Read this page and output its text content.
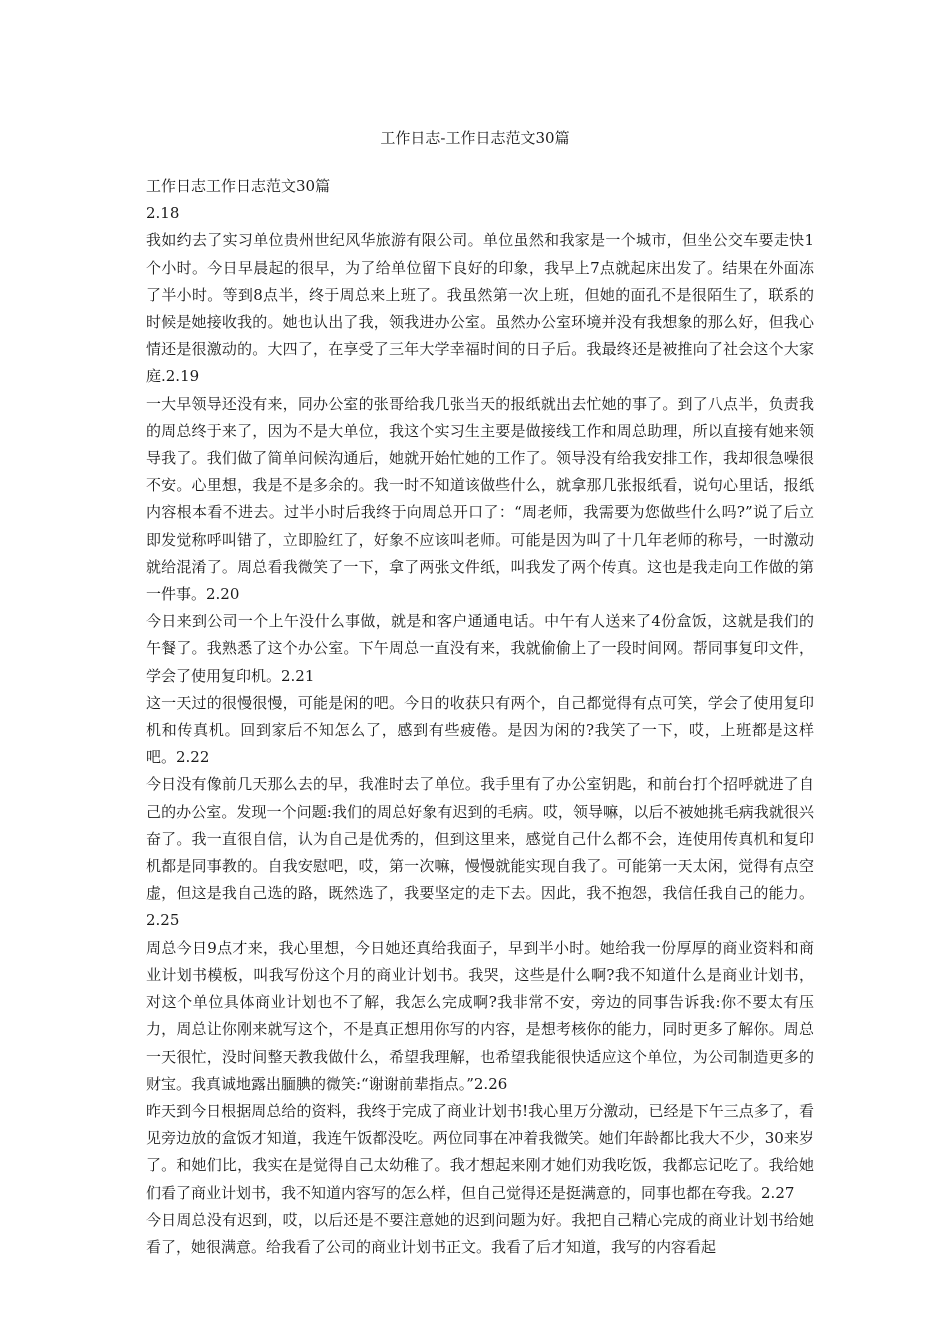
工作日志-工作日志范文30篇

工作日志工作日志范文30篇

2.18

我如约去了实习单位贵州世纪风华旅游有限公司。单位虽然和我家是一个城市，但坐公交车要走快1个小时。今日早晨起的很早，为了给单位留下良好的印象，我早上7点就起床出发了。结果在外面冻了半小时。等到8点半，终于周总来上班了。我虽然第一次上班，但她的面孔不是很陌生了，联系的时候是她接收我的。她也认出了我，领我进办公室。虽然办公室环境并没有我想象的那么好，但我心情还是很激动的。大四了，在享受了三年大学幸福时间的日子后。我最终还是被推向了社会这个大家庭.2.19

一大早领导还没有来，同办公室的张哥给我几张当天的报纸就出去忙她的事了。到了八点半，负责我的周总终于来了，因为不是大单位，我这个实习生主要是做接线工作和周总助理，所以直接有她来领导我了。我们做了简单问候沟通后，她就开始忙她的工作了。领导没有给我安排工作，我却很急噪很不安。心里想，我是不是多余的。我一时不知道该做些什么，就拿那几张报纸看，说句心里话，报纸内容根本看不进去。过半小时后我终于向周总开口了：“周老师，我需要为您做些什么吗?”说了后立即发觉称呼叫错了，立即脸红了，好象不应该叫老师。可能是因为叫了十几年老师的称号，一时激动就给混淆了。周总看我微笑了一下，拿了两张文件纸，叫我发了两个传真。这也是我走向工作做的第一件事。2.20

今日来到公司一个上午没什么事做，就是和客户通通电话。中午有人送来了4份盒饭，这就是我们的午餐了。我熟悉了这个办公室。下午周总一直没有来，我就偷偷上了一段时间网。帮同事复印文件，学会了使用复印机。2.21

这一天过的很慢很慢，可能是闲的吧。今日的收获只有两个，自己都觉得有点可笑，学会了使用复印机和传真机。回到家后不知怎么了，感到有些疲倦。是因为闲的?我笑了一下，哎，上班都是这样吧。2.22

今日没有像前几天那么去的早，我准时去了单位。我手里有了办公室钥匙，和前台打个招呼就进了自己的办公室。发现一个问题:我们的周总好象有迟到的毛病。哎，领导嘛，以后不被她挑毛病我就很兴奋了。我一直很自信，认为自己是优秀的，但到这里来，感觉自己什么都不会，连使用传真机和复印机都是同事教的。自我安慰吧，哎，第一次嘛，慢慢就能实现自我了。可能第一天太闲，觉得有点空虚，但这是我自己选的路，既然选了，我要坚定的走下去。因此，我不抱怨，我信任我自己的能力。2.25

周总今日9点才来，我心里想，今日她还真给我面子，早到半小时。她给我一份厚厚的商业资料和商业计划书模板，叫我写份这个月的商业计划书。我哭，这些是什么啊?我不知道什么是商业计划书，对这个单位具体商业计划也不了解，我怎么完成啊?我非常不安，旁边的同事告诉我:你不要太有压力，周总让你刚来就写这个，不是真正想用你写的内容，是想考核你的能力，同时更多了解你。周总一天很忙，没时间整天教我做什么，希望我理解，也希望我能很快适应这个单位，为公司制造更多的财宝。我真诚地露出腼腆的微笑:“谢谢前辈指点。”2.26

昨天到今日根据周总给的资料，我终于完成了商业计划书!我心里万分激动，已经是下午三点多了，看见旁边放的盒饭才知道，我连午饭都没吃。两位同事在冲着我微笑。她们年龄都比我大不少，30来岁了。和她们比，我实在是觉得自己太幼稚了。我才想起来刚才她们劝我吃饭，我都忘记吃了。我给她们看了商业计划书，我不知道内容写的怎么样，但自己觉得还是挺满意的，同事也都在夸我。2.27

今日周总没有迟到，哎，以后还是不要注意她的迟到问题为好。我把自己精心完成的商业计划书给她看了，她很满意。给我看了公司的商业计划书正文。我看了后才知道，我写的内容看起
